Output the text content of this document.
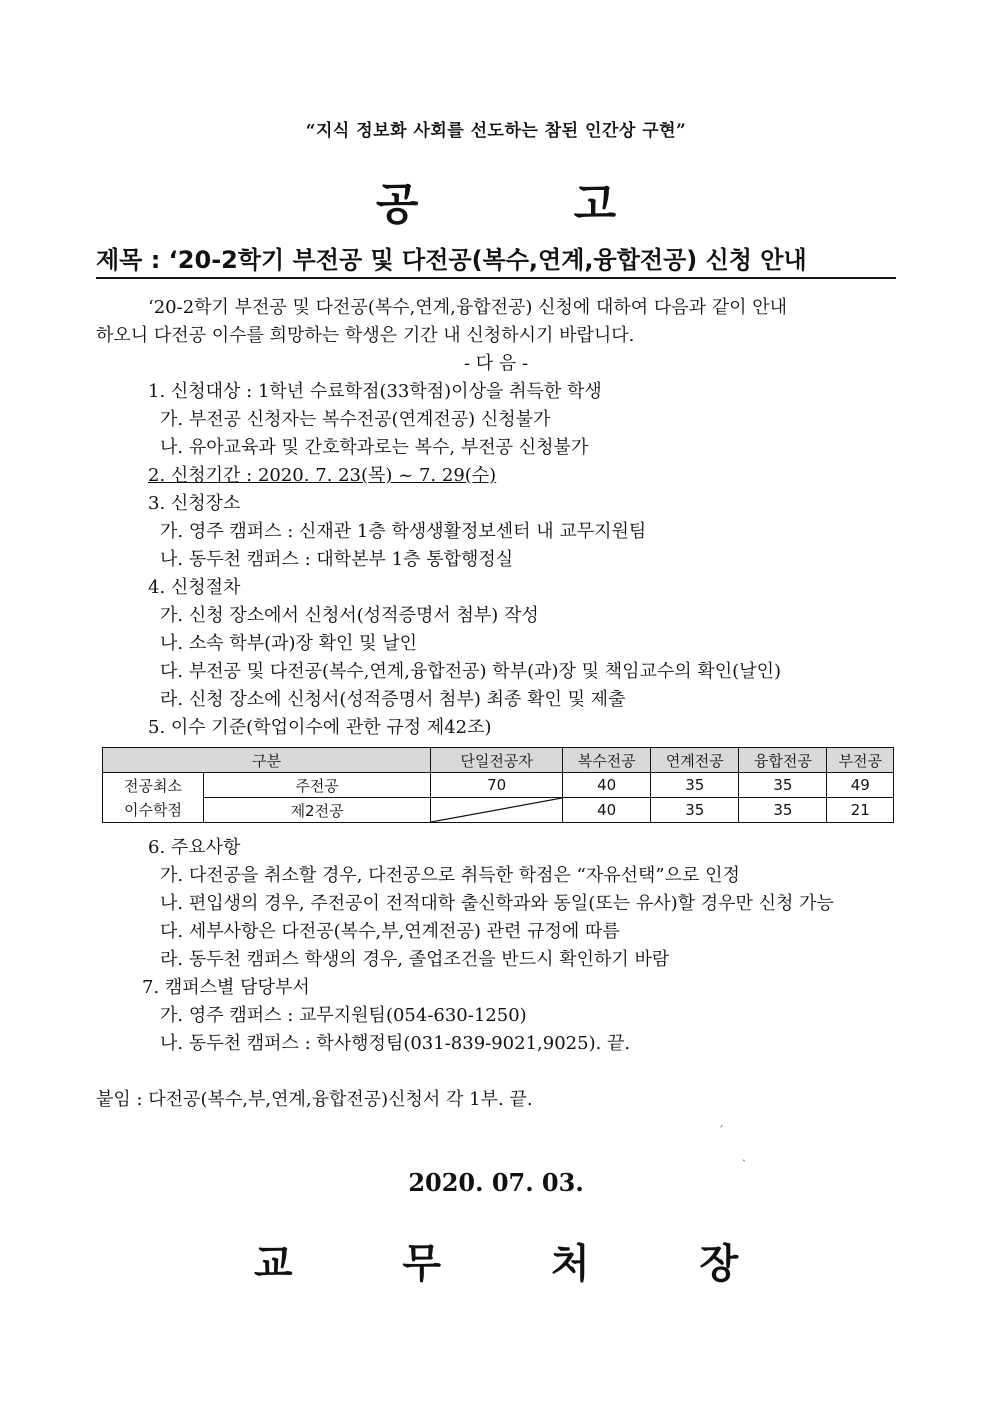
“지식 정보화 사회를 선도하는 참된 인간상 구현”
공 고
제목 : ‘20-2학기 부전공 및 다전공(복수,연계,융합전공) 신청 안내
‘20-2학기 부전공 및 다전공(복수,연계,융합전공) 신청에 대하여 다음과 같이 안내
하오니 다전공 이수를 희망하는 학생은 기간 내 신청하시기 바랍니다.
- 다 음 -
1. 신청대상 : 1학년 수료학점(33학점)이상을 취득한 학생
가. 부전공 신청자는 복수전공(연계전공) 신청불가
나. 유아교육과 및 간호학과로는 복수, 부전공 신청불가
2. 신청기간 : 2020. 7. 23(목) ~ 7. 29(수)
3. 신청장소
가. 영주 캠퍼스 : 신재관 1층 학생생활정보센터 내 교무지원팀
나. 동두천 캠퍼스 : 대학본부 1층 통합행정실
4. 신청절차
가. 신청 장소에서 신청서(성적증명서 첨부) 작성
나. 소속 학부(과)장 확인 및 날인
다. 부전공 및 다전공(복수,연계,융합전공) 학부(과)장 및 책임교수의 확인(날인)
라. 신청 장소에 신청서(성적증명서 첨부) 최종 확인 및 제출
5. 이수 기준(학업이수에 관한 규정 제42조)
구분		단일전공자	복수전공	연계전공	융합전공	부전공

전공최소
이수학점	주전공	70	40	35	35	49
	제2전공		40	35	35	21
6. 주요사항
가. 다전공을 취소할 경우, 다전공으로 취득한 학점은 “자유선택”으로 인정
나. 편입생의 경우, 주전공이 전적대학 출신학과와 동일(또는 유사)할 경우만 신청 가능
다. 세부사항은 다전공(복수,부,연계전공) 관련 규정에 따름
라. 동두천 캠퍼스 학생의 경우, 졸업조건을 반드시 확인하기 바람
7. 캠퍼스별 담당부서
가. 영주 캠퍼스 : 교무지원팀(054-630-1250)
나. 동두천 캠퍼스 : 학사행정팀(031-839-9021,9025). 끝.
붙임 : 다전공(복수,부,연계,융합전공)신청서 각 1부. 끝.
ˊ
ˏ
2020. 07. 03.
교 무 처 장
